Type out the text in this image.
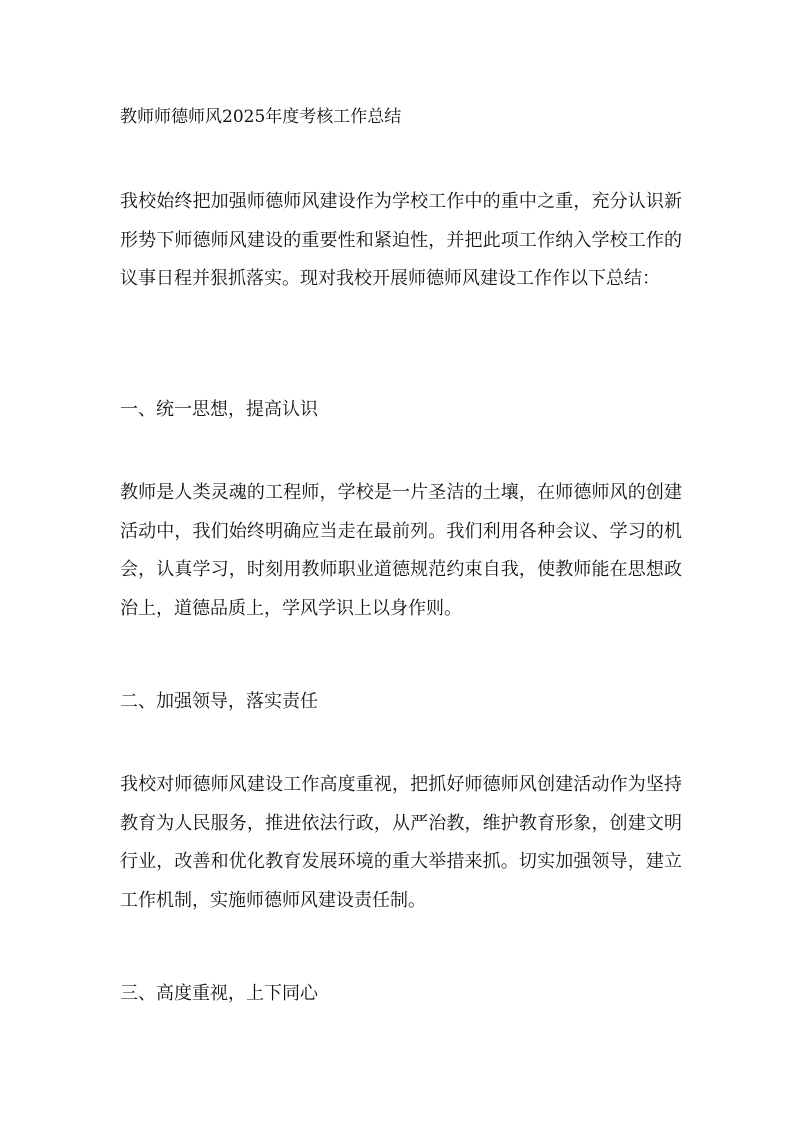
教师师德师风2025年度考核工作总结

我校始终把加强师德师风建设作为学校工作中的重中之重，充分认识新形势下师德师风建设的重要性和紧迫性，并把此项工作纳入学校工作的议事日程并狠抓落实。现对我校开展师德师风建设工作作以下总结：

一、统一思想，提高认识

教师是人类灵魂的工程师，学校是一片圣洁的土壤，在师德师风的创建活动中，我们始终明确应当走在最前列。我们利用各种会议、学习的机会，认真学习，时刻用教师职业道德规范约束自我，使教师能在思想政治上，道德品质上，学风学识上以身作则。

二、加强领导，落实责任

我校对师德师风建设工作高度重视，把抓好师德师风创建活动作为坚持教育为人民服务，推进依法行政，从严治教，维护教育形象，创建文明行业，改善和优化教育发展环境的重大举措来抓。切实加强领导，建立工作机制，实施师德师风建设责任制。

三、高度重视，上下同心
